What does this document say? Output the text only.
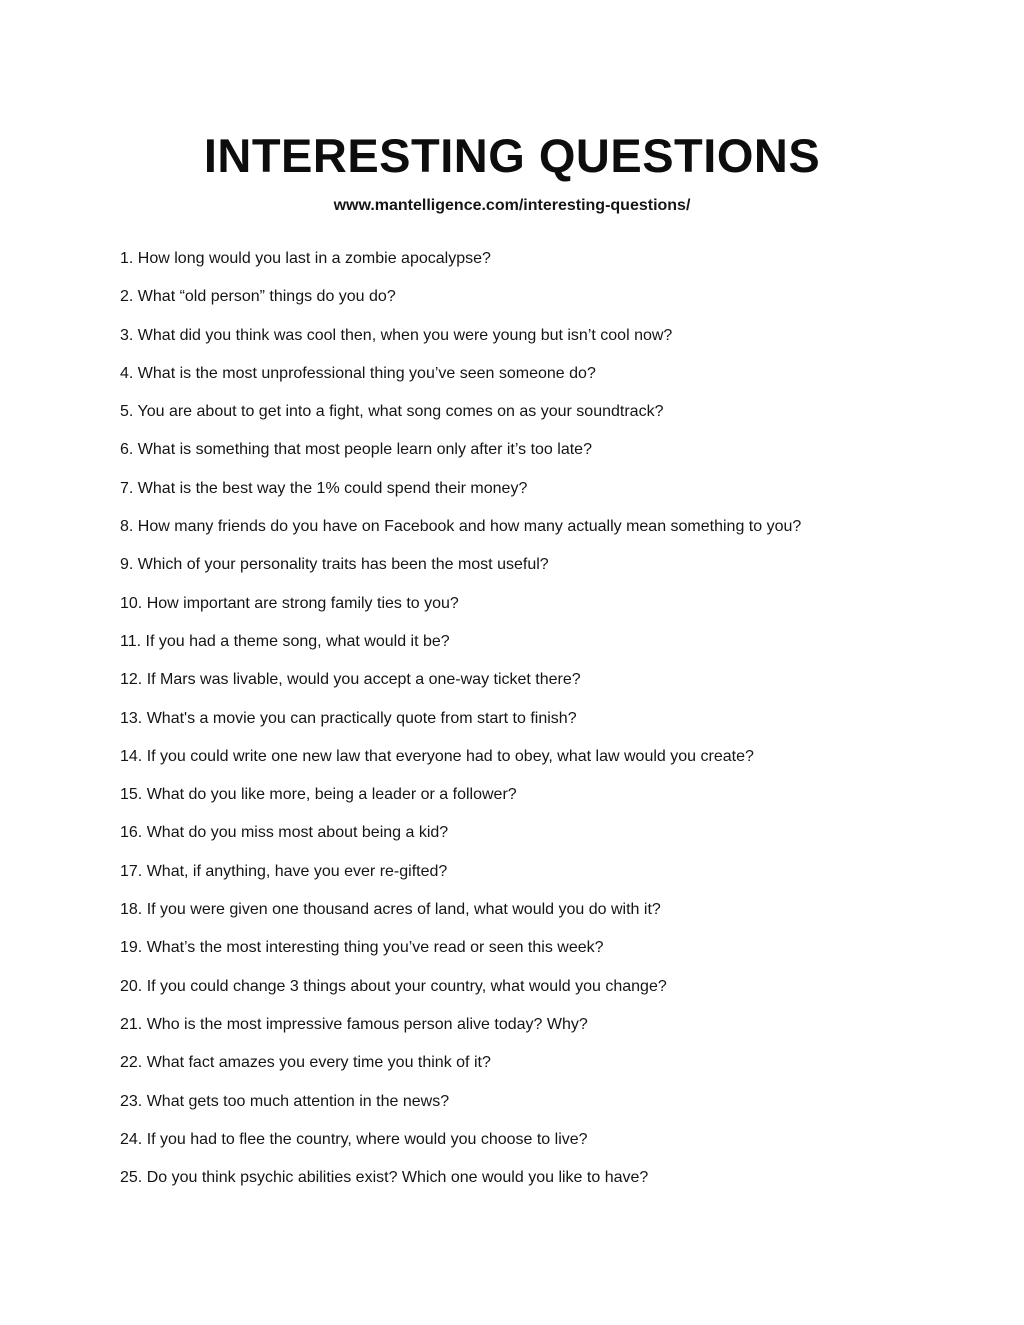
INTERESTING QUESTIONS
www.mantelligence.com/interesting-questions/
1. How long would you last in a zombie apocalypse?
2. What “old person” things do you do?
3. What did you think was cool then, when you were young but isn’t cool now?
4. What is the most unprofessional thing you’ve seen someone do?
5. You are about to get into a fight, what song comes on as your soundtrack?
6. What is something that most people learn only after it’s too late?
7. What is the best way the 1% could spend their money?
8. How many friends do you have on Facebook and how many actually mean something to you?
9. Which of your personality traits has been the most useful?
10. How important are strong family ties to you?
11. If you had a theme song, what would it be?
12. If Mars was livable, would you accept a one-way ticket there?
13. What's a movie you can practically quote from start to finish?
14. If you could write one new law that everyone had to obey, what law would you create?
15. What do you like more, being a leader or a follower?
16. What do you miss most about being a kid?
17. What, if anything, have you ever re-gifted?
18. If you were given one thousand acres of land, what would you do with it?
19. What’s the most interesting thing you’ve read or seen this week?
20. If you could change 3 things about your country, what would you change?
21. Who is the most impressive famous person alive today? Why?
22. What fact amazes you every time you think of it?
23. What gets too much attention in the news?
24. If you had to flee the country, where would you choose to live?
25. Do you think psychic abilities exist? Which one would you like to have?
